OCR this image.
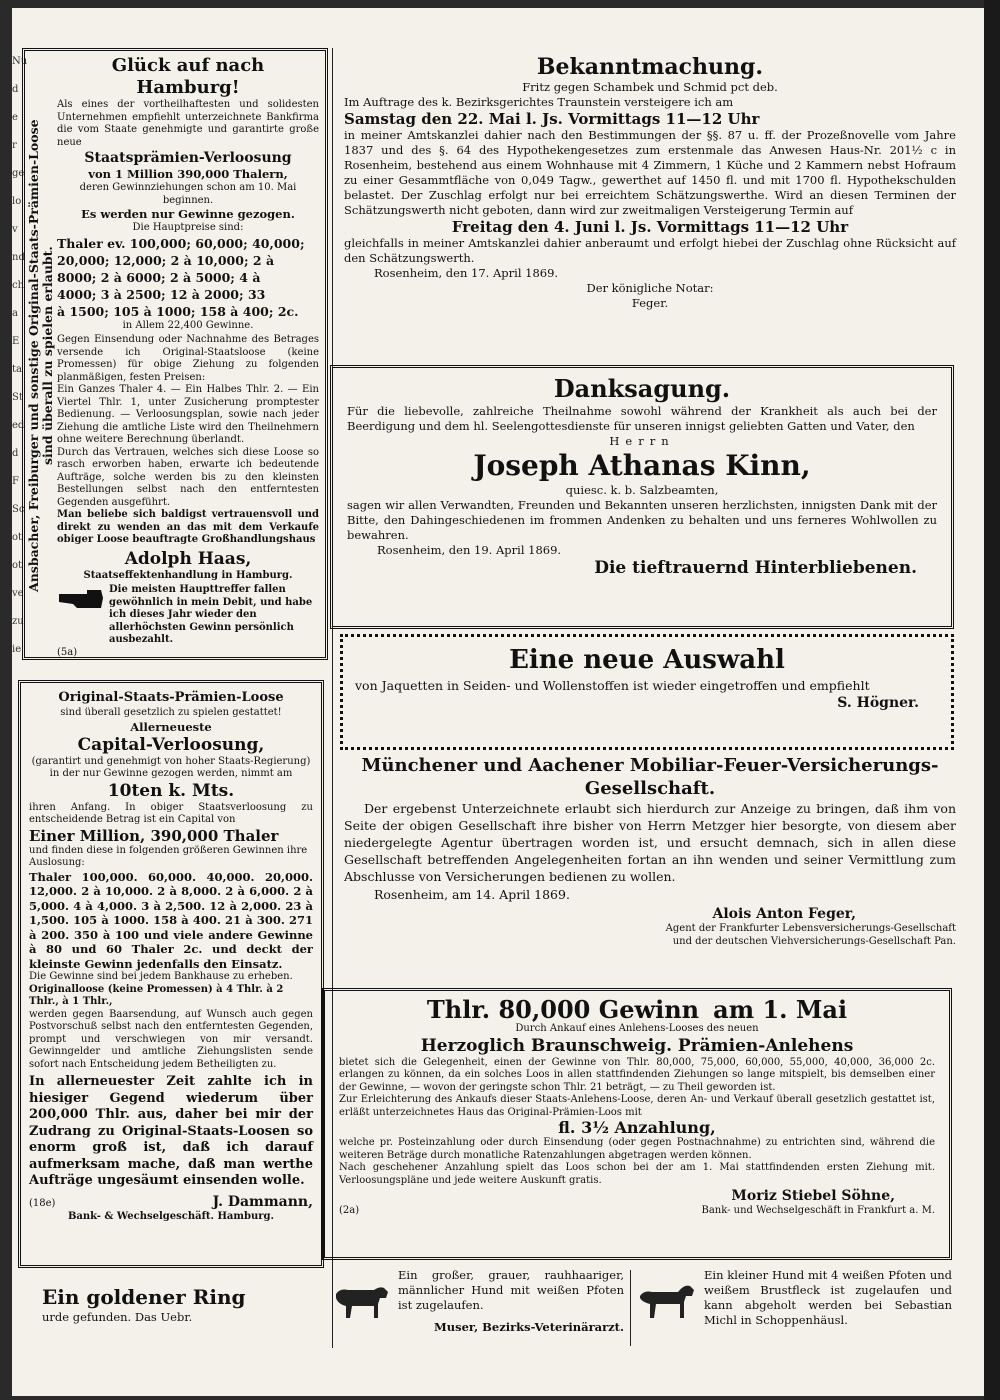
Nu
d
e
r
ge
lo
v
nd
ch
a
E
ta
St
ed
d
F
Sc
ot
ot
ve
zu
ie
Ansbacher, Freiburger und sonstige Original-Staats-Prämien-Loose sind überall zu spielen erlaubt.

Glück auf nach Hamburg!

Als eines der vortheilhaftesten und solidesten Unternehmen empfiehlt unterzeichnete Bankfirma die vom Staate genehmigte und garantirte große neue

Staatsprämien-Verloosung

von 1 Million 390,000 Thalern,

deren Gewinnziehungen schon am 10. Mai beginnen.

Es werden nur Gewinne gezogen.

Die Hauptpreise sind:

Thaler ev. 100,000; 60,000; 40,000;

20,000; 12,000; 2 à 10,000; 2 à

8000; 2 à 6000; 2 à 5000; 4 à

4000; 3 à 2500; 12 à 2000; 33

à 1500; 105 à 1000; 158 à 400; 2c.

in Allem 22,400 Gewinne.

Gegen Einsendung oder Nachnahme des Betrages versende ich Original-Staatsloose (keine Promessen) für obige Ziehung zu folgenden planmäßigen, festen Preisen:

Ein Ganzes Thaler 4. — Ein Halbes Thlr. 2. — Ein Viertel Thlr. 1, unter Zusicherung promptester Bedienung. — Verloosungsplan, sowie nach jeder Ziehung die amtliche Liste wird den Theilnehmern ohne weitere Berechnung überlandt.

Durch das Vertrauen, welches sich diese Loose so rasch erworben haben, erwarte ich bedeutende Aufträge, solche werden bis zu den kleinsten Bestellungen selbst nach den entferntesten Gegenden ausgeführt.

Man beliebe sich baldigst vertrauensvoll und direkt zu wenden an das mit dem Verkaufe obiger Loose beauftragte Großhandlungshaus

Adolph Haas,

Staatseffektenhandlung in Hamburg.

Die meisten Haupttreffer fallen gewöhnlich in mein Debit, und habe ich dieses Jahr wieder den allerhöchsten Gewinn persönlich ausbezahlt.

(5a)

Original-Staats-Prämien-Loose

sind überall gesetzlich zu spielen gestattet!

Allerneueste

Capital-Verloosung,

(garantirt und genehmigt von hoher Staats-Regierung) in der nur Gewinne gezogen werden, nimmt am

10ten k. Mts.

ihren Anfang. In obiger Staatsverloosung zu entscheidende Betrag ist ein Capital von

Einer Million, 390,000 Thaler

und finden diese in folgenden größeren Gewinnen ihre Auslosung:

Thaler 100,000. 60,000. 40,000. 20,000. 12,000. 2 à 10,000. 2 à 8,000. 2 à 6,000. 2 à 5,000. 4 à 4,000. 3 à 2,500. 12 à 2,000. 23 à 1,500. 105 à 1000. 158 à 400. 21 à 300. 271 à 200. 350 à 100 und viele andere Gewinne à 80 und 60 Thaler 2c. und deckt der kleinste Gewinn jedenfalls den Einsatz.

Die Gewinne sind bei jedem Bankhause zu erheben.

Originalloose (keine Promessen) à 4 Thlr. à 2 Thlr., à 1 Thlr.,

werden gegen Baarsendung, auf Wunsch auch gegen Postvorschuß selbst nach den entferntesten Gegenden, prompt und verschwiegen von mir versandt. Gewinngelder und amtliche Ziehungslisten sende sofort nach Entscheidung jedem Betheiligten zu.

In allerneuester Zeit zahlte ich in hiesiger Gegend wiederum über 200,000 Thlr. aus, daher bei mir der Zudrang zu Original-Staats-Loosen so enorm groß ist, daß ich darauf aufmerksam mache, daß man werthe Aufträge ungesäumt einsenden wolle.

(18e)	J. Dammann,

Bank- & Wechselgeschäft. Hamburg.

Ein goldener Ring

urde gefunden. Das Uebr.

Bekanntmachung.

Fritz gegen Schambek und Schmid pct deb.

Im Auftrage des k. Bezirksgerichtes Traunstein versteigere ich am

Samstag den 22. Mai l. Js. Vormittags 11—12 Uhr

in meiner Amtskanzlei dahier nach den Bestimmungen der §§. 87 u. ff. der Prozeßnovelle vom Jahre 1837 und des §. 64 des Hypothekengesetzes zum erstenmale das Anwesen Haus-Nr. 201½ c in Rosenheim, bestehend aus einem Wohnhause mit 4 Zimmern, 1 Küche und 2 Kammern nebst Hofraum zu einer Gesammtfläche von 0,049 Tagw., gewerthet auf 1450 fl. und mit 1700 fl. Hypothekschulden belastet. Der Zuschlag erfolgt nur bei erreichtem Schätzungswerthe. Wird an diesen Terminen der Schätzungswerth nicht geboten, dann wird zur zweitmaligen Versteigerung Termin auf

Freitag den 4. Juni l. Js. Vormittags 11—12 Uhr

gleichfalls in meiner Amtskanzlei dahier anberaumt und erfolgt hiebei der Zuschlag ohne Rücksicht auf den Schätzungswerth.

Rosenheim, den 17. April 1869.

Der königliche Notar:

Feger.

Danksagung.

Für die liebevolle, zahlreiche Theilnahme sowohl während der Krankheit als auch bei der Beerdigung und dem hl. Seelengottesdienste für unseren innigst geliebten Gatten und Vater, den

Herrn

Joseph Athanas Kinn,

quiesc. k. b. Salzbeamten,

sagen wir allen Verwandten, Freunden und Bekannten unseren herzlichsten, innigsten Dank mit der Bitte, den Dahingeschiedenen im frommen Andenken zu behalten und uns ferneres Wohlwollen zu bewahren.

Rosenheim, den 19. April 1869.

Die tieftrauernd Hinterbliebenen.

Eine neue Auswahl

von Jaquetten in Seiden- und Wollenstoffen ist wieder eingetroffen und empfiehlt

S. Högner.

Münchener und Aachener Mobiliar-Feuer-Versicherungs-Gesellschaft.

Der ergebenst Unterzeichnete erlaubt sich hierdurch zur Anzeige zu bringen, daß ihm von Seite der obigen Gesellschaft ihre bisher von Herrn Metzger hier besorgte, von diesem aber niedergelegte Agentur übertragen worden ist, und ersucht demnach, sich in allen diese Gesellschaft betreffenden Angelegenheiten fortan an ihn wenden und seiner Vermittlung zum Abschlusse von Versicherungen bedienen zu wollen.

Rosenheim, am 14. April 1869.

Alois Anton Feger,

Agent der Frankfurter Lebensversicherungs-Gesellschaft

und der deutschen Viehversicherungs-Gesellschaft Pan.

Thlr. 80,000 Gewinn am 1. Mai

Durch Ankauf eines Anlehens-Looses des neuen

Herzoglich Braunschweig. Prämien-Anlehens

bietet sich die Gelegenheit, einen der Gewinne von Thlr. 80,000, 75,000, 60,000, 55,000, 40,000, 36,000 2c. erlangen zu können, da ein solches Loos in allen stattfindenden Ziehungen so lange mitspielt, bis demselben einer der Gewinne, — wovon der geringste schon Thlr. 21 beträgt, — zu Theil geworden ist.

Zur Erleichterung des Ankaufs dieser Staats-Anlehens-Loose, deren An- und Verkauf überall gesetzlich gestattet ist, erläßt unterzeichnetes Haus das Original-Prämien-Loos mit

fl. 3½ Anzahlung,

welche pr. Posteinzahlung oder durch Einsendung (oder gegen Postnachnahme) zu entrichten sind, während die weiteren Beträge durch monatliche Ratenzahlungen abgetragen werden können.

Nach geschehener Anzahlung spielt das Loos schon bei der am 1. Mai stattfindenden ersten Ziehung mit. Verloosungspläne und jede weitere Auskunft gratis.

Moriz Stiebel Söhne,

(2a)	Bank- und Wechselgeschäft in Frankfurt a. M.

Ein großer, grauer, rauhhaariger, männlicher Hund mit weißen Pfoten ist zugelaufen.

Muser, Bezirks-Veterinärarzt.

Ein kleiner Hund mit 4 weißen Pfoten und weißem Brustfleck ist zugelaufen und kann abgeholt werden bei Sebastian Michl in Schoppenhäusl.
